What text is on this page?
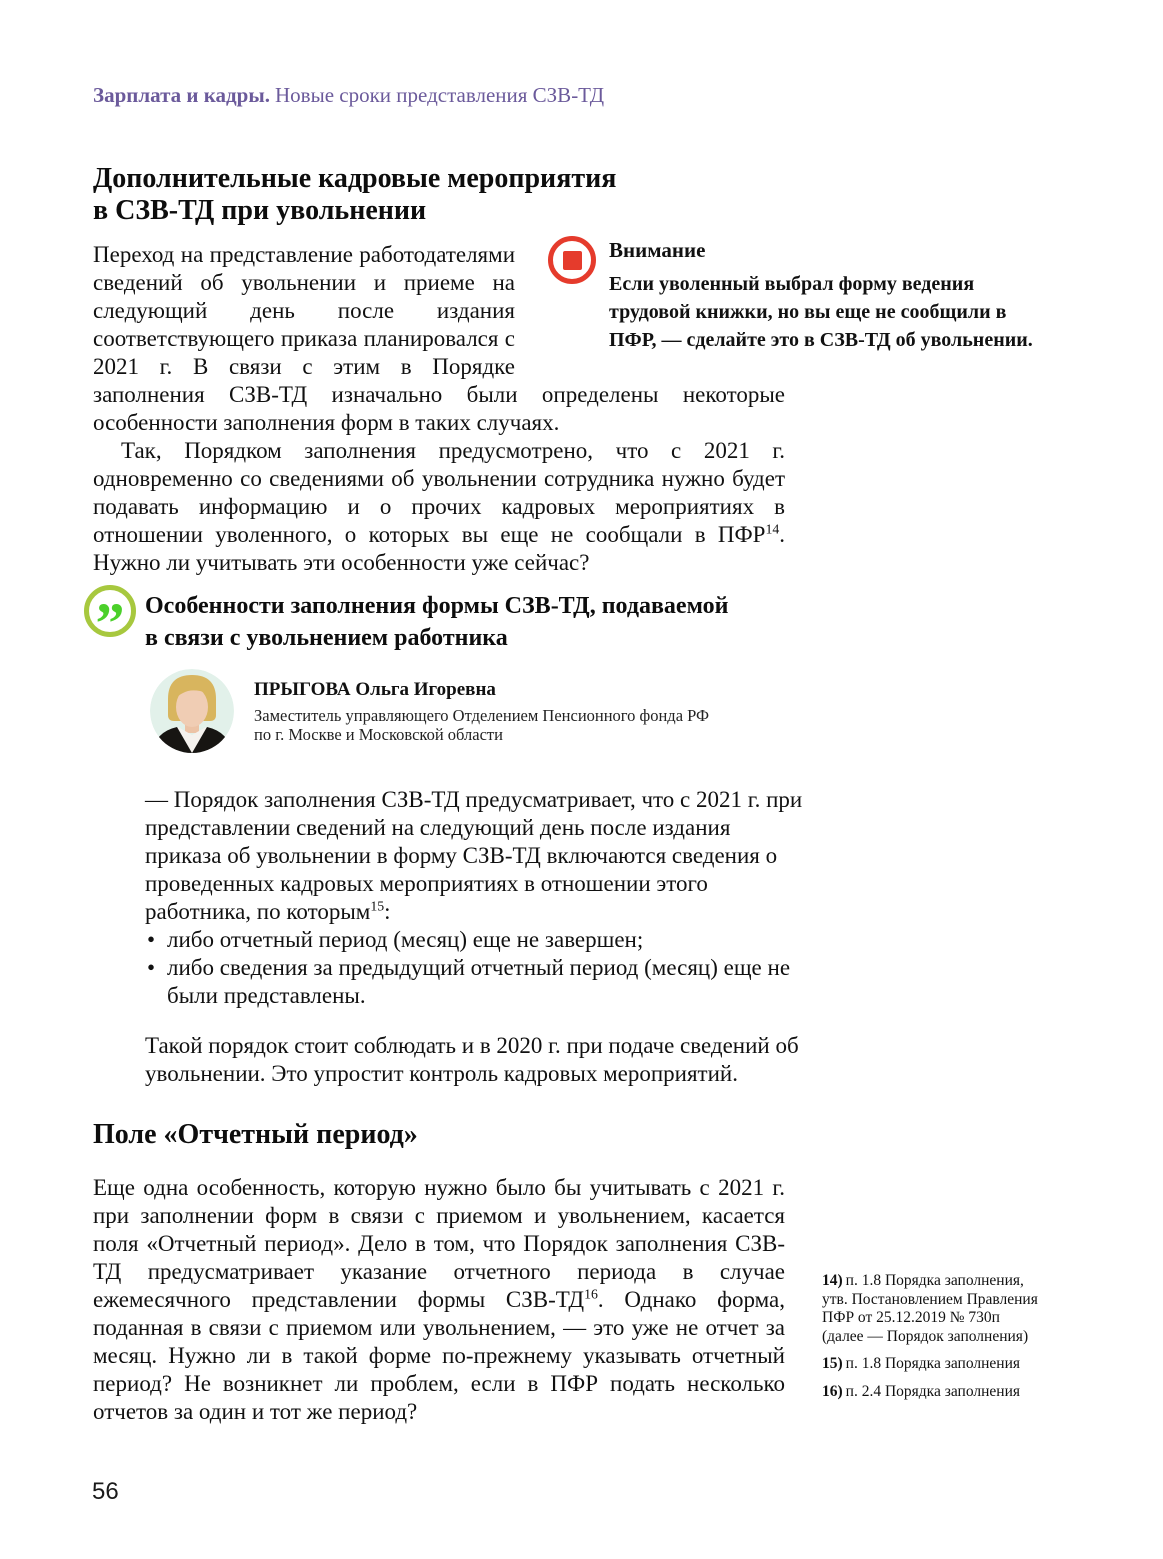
Зарплата и кадры. Новые сроки представления СЗВ-ТД
Дополнительные кадровые мероприятия
в СЗВ-ТД при увольнении

Переход на представление работодателями сведений об увольнении и приеме на следующий день после издания соответствующего приказа планировался с 2021 г. В связи с этим в Порядке заполнения СЗВ-ТД изначально были определены некоторые особенности заполнения форм в таких случаях.

Так, Порядком заполнения предусмотрено, что с 2021 г. одновременно со сведениями об увольнении сотрудника нужно будет подавать информацию и о прочих кадровых мероприятиях в отношении уволенного, о которых вы еще не сообщали в ПФР$^{14}$. Нужно ли учитывать эти особенности уже сейчас?

Внимание
Если уволенный выбрал форму ведения трудовой книжки, но вы еще не сообщили в ПФР, — сделайте это в СЗВ-ТД об увольнении.
” Особенности заполнения формы СЗВ-ТД, подаваемой
в связи с увольнением работника
ПРЫГОВА Ольга Игоревна
Заместитель управляющего Отделением Пенсионного фонда РФ
по г. Москве и Московской области

— Порядок заполнения СЗВ-ТД предусматривает, что с 2021 г. при представлении сведений на следующий день после издания приказа об увольнении в форму СЗВ-ТД включаются сведения о проведенных кадровых мероприятиях в отношении этого работника, по которым$^{15}$:

• либо отчетный период (месяц) еще не завершен;
• либо сведения за предыдущий отчетный период (месяц) еще не были представлены.
Такой порядок стоит соблюдать и в 2020 г. при подаче сведений об увольнении. Это упростит контроль кадровых мероприятий.
Поле «Отчетный период»
Еще одна особенность, которую нужно было бы учитывать с 2021 г. при заполнении форм в связи с приемом и увольнением, касается поля «Отчетный период». Дело в том, что Порядок заполнения СЗВ-ТД предусматривает указание отчетного периода в случае ежемесячного представлении формы СЗВ-ТД$^{16}$. Однако форма, поданная в связи с приемом или увольнением, — это уже не отчет за месяц. Нужно ли в такой форме по-прежнему указывать отчетный период? Не возникнет ли проблем, если в ПФР подать несколько отчетов за один и тот же период?
14) п. 1.8 Порядка заполнения, утв. Постановлением Правления ПФР от 25.12.2019 № 730п (далее — Порядок заполнения)
15) п. 1.8 Порядка заполнения
16) п. 2.4 Порядка заполнения
56
